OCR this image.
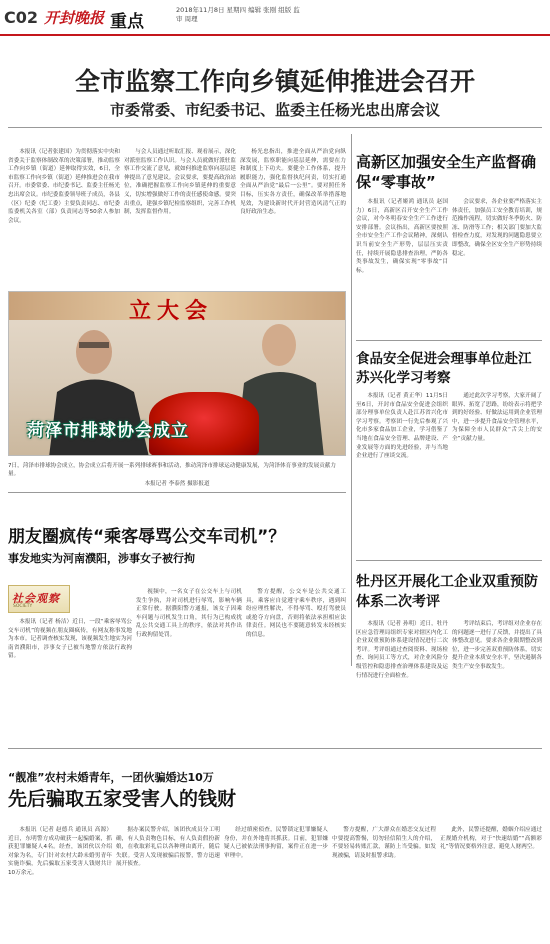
C02 开封晚报 重点
2018年11月8日 星期四 编辑 张刚 组版 监审 周理
全市监察工作向乡镇延伸推进会召开
市委常委、市纪委书记、监委主任杨光忠出席会议

本报讯（记者张建国）为贯彻落实中央和省委关于监察体制改革的决策部署，推动监察工作向乡镇（街道）延伸取得实效，6日，全市监察工作向乡镇（街道）延伸推进会在我市召开。市委常委、市纪委书记、监委主任杨光忠出席会议。市纪委监委领导班子成员，各县（区）纪委（纪工委）主要负责同志、市纪委监委机关各室（部）负责同志等50余人参加会议。

与会人员通过听取汇报、观看展示，深化对派驻监察工作认识。与会人员就做好派驻监察工作交流了意见，就如何推进监察向基层延伸提出了意见建议。会议要求，要提高政治站位，准确把握监察工作向乡镇延伸的重要意义，切实增强做好工作的责任感使命感。要突出重点，建强乡镇纪检监察组织，完善工作机制，发挥监督作用。

杨光忠指出，推进全面从严治党向纵深发展，监察职能向基层延伸，需要在力和制度上下功夫。要健全工作体系，提升履职能力，强化监督执纪问责，切实打通全面从严治党“最后一公里”。要对照任务目标，压实各方责任，确保改革举措落地见效，为建设新时代开封营造风清气正的良好政治生态。

高新区加强安全生产监督确保“零事故”

本报讯（记者姬鸿 通讯员 赵国力）6日，高新区召开安全生产工作会议，对今冬明春安全生产工作进行安排部署。会议指出，高新区要按照全市安全生产工作会议精神，深刻认识当前安全生产形势，层层压实责任，持续开展隐患排查治理，严防各类事故发生，确保实现“零事故”目标。

会议要求，各企业要严格落实主体责任，加强员工安全教育培训，规范操作流程，切实做好冬季防火、防冻、防滑等工作；相关部门要加大监督检查力度，对发现的问题隐患要立即整改，确保全区安全生产形势持续稳定。

食品安全促进会理事单位赴江苏兴化学习考察

本报讯（记者 黄正华）11月5日至6日，开封市食品安全促进会组织部分理事单位负责人赴江苏省兴化市学习考察。考察团一行先后参观了兴化市多家食品加工企业，学习借鉴了当地在食品安全管理、品牌建设、产业发展等方面的先进经验，并与当地企业进行了座谈交流。

通过此次学习考察，大家开阔了眼界、拓宽了思路，纷纷表示将把学到的好经验、好做法运用到企业管理中，进一步提升食品安全管理水平，为保障全市人民群众“舌尖上的安全”贡献力量。

牡丹区开展化工企业双重预防体系二次考评

本报讯（记者 孙明）近日，牡丹区应急管理局组织专家对辖区内化工企业双重预防体系建设情况进行二次考评。考评组通过查阅资料、现场检查、询问员工等方式，对企业风险分级管控和隐患排查治理体系建设及运行情况进行全面检查。

考评结束后，考评组对企业存在的问题逐一进行了反馈，并提出了具体整改意见。要求各企业限期整改到位，进一步完善双重预防体系，切实提升企业本质安全水平，坚决遏制各类生产安全事故发生。

立大会
菏泽市排球协会成立
7日，菏泽市排球协会成立，协会成立后将开展一系列排球赛事和活动，推动菏泽市排球运动健康发展，为菏泽体育事业的发展贡献力量。
本报记者 李泰然 摄影报道
朋友圈疯传“乘客辱骂公交车司机”？
事发地实为河南濮阳，涉事女子被行拘
社会观察
SOCIETY

本报讯（记者 杨洁）近日，一段“乘客辱骂公交车司机”的视频在朋友圈疯传，有网友称事发地为本市。记者调查核实发现，该视频发生地实为河南省濮阳市，涉事女子已被当地警方依法行政拘留。

视频中，一名女子在公交车上与司机发生争执，并对司机进行辱骂，影响车辆正常行驶。据濮阳警方通报，该女子因乘车问题与司机发生口角，其行为已构成扰乱公共交通工具上的秩序，依法对其作出行政拘留处罚。

警方提醒，公交车是公共交通工具，乘客应自觉遵守乘车秩序，遇到纠纷应理性解决，不得辱骂、殴打驾驶员或抢夺方向盘，否则将依法承担相应法律责任。网民也不要随意转发未经核实的信息。

“靓准”农村未婚青年，一团伙骗婚达10万
先后骗取五家受害人的钱财

本报讯（记者 赵德兵 通讯员 高源）近日，东明警方成功破获一起骗婚案，抓获犯罪嫌疑人4名。经查，该团伙以介绍对象为名，专门针对农村大龄未婚男青年实施诈骗，先后骗取五家受害人钱财共计10万余元。

据办案民警介绍，该团伙成员分工明确，有人负责物色目标，有人负责假扮新娘，在收取彩礼后以各种理由离开，随后失联。受害人发现被骗后报警，警方迅速展开侦查。

经过缜密侦查，民警锁定犯罪嫌疑人身份，并在外地将其抓获。目前，犯罪嫌疑人已被依法刑事拘留，案件正在进一步审理中。

警方提醒，广大群众在婚恋交友过程中要提高警惕，切勿轻信陌生人的介绍，不要轻易转账汇款，谨防上当受骗。如发现被骗，请及时报警求助。

此外，民警还提醒，婚姻介绍应通过正规婚介机构，对于“快速结婚”“高额彩礼”等情况要格外注意，避免人财两空。
